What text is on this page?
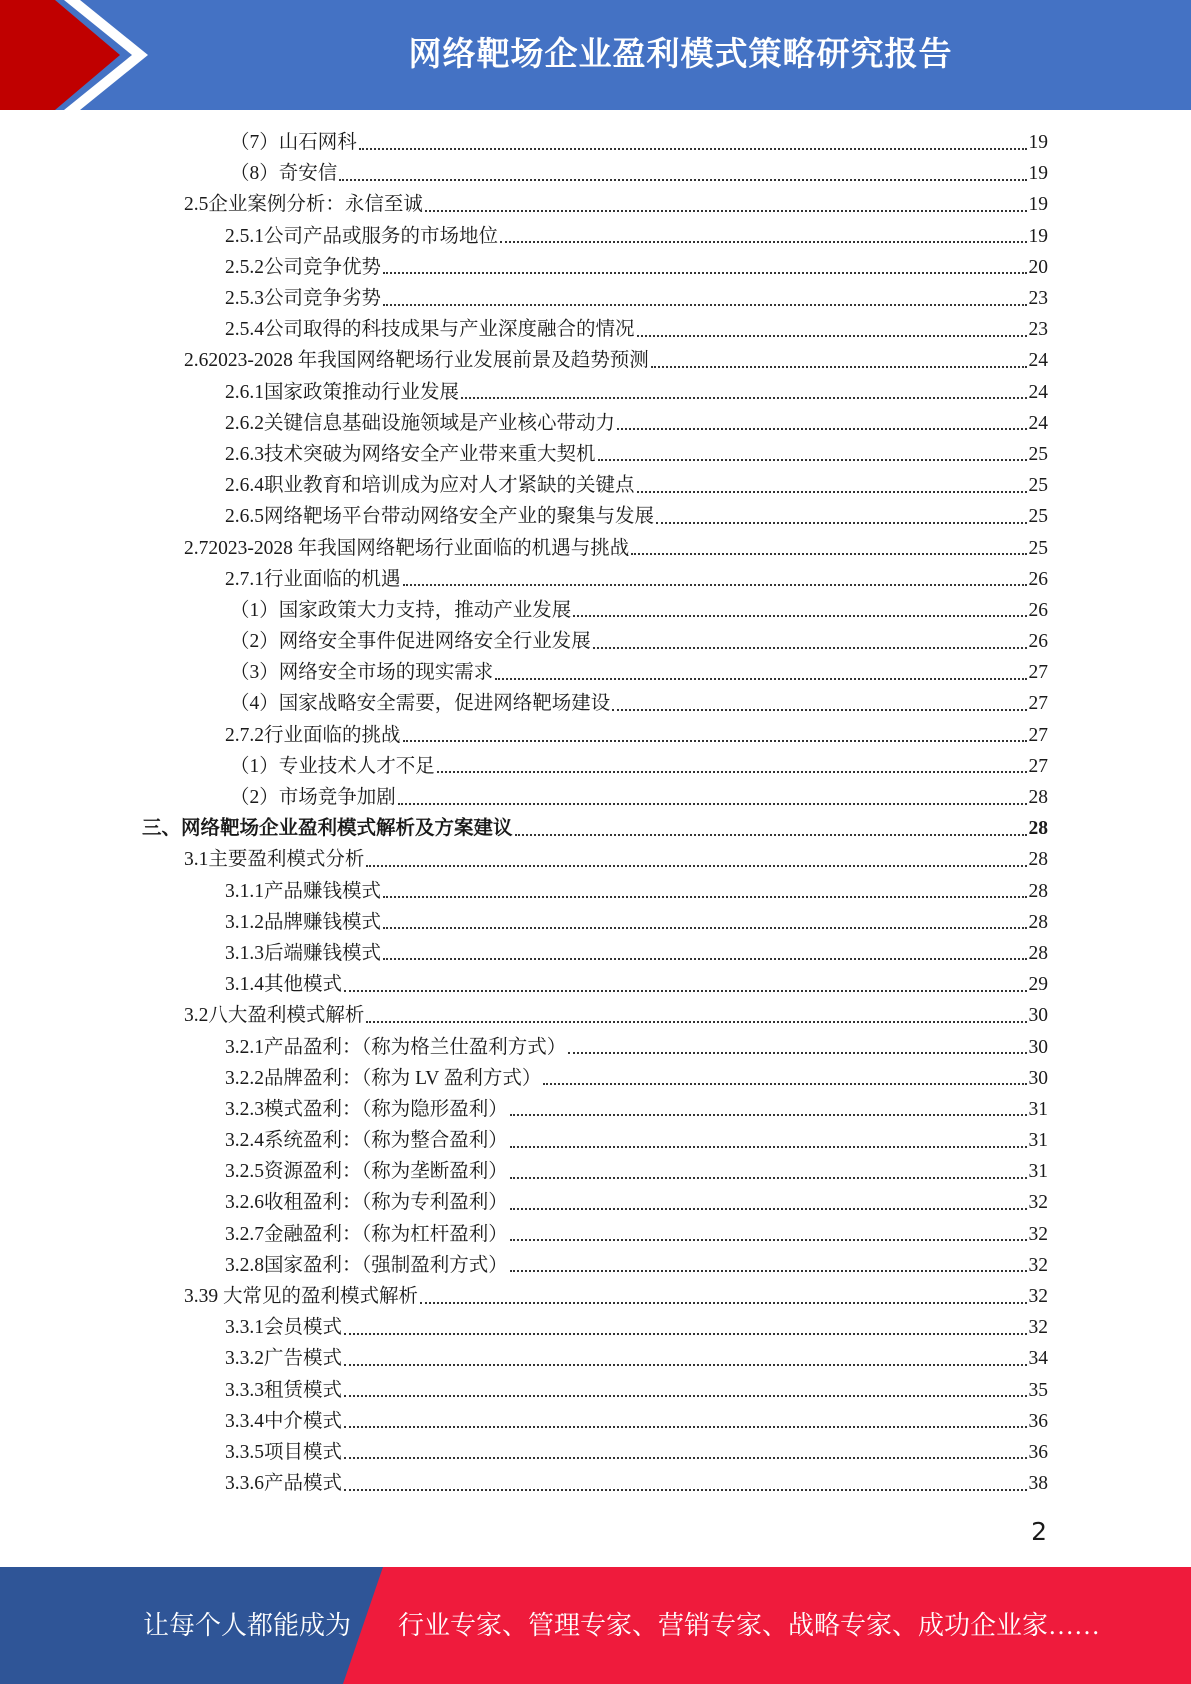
网络靶场企业盈利模式策略研究报告
（7） 山石网科	19
（8） 奇安信	19
2.5 企业案例分析：永信至诚	19
2.5.1 公司产品或服务的市场地位	19
2.5.2 公司竞争优势	20
2.5.3 公司竞争劣势	23
2.5.4 公司取得的科技成果与产业深度融合的情况	23
2.6 2023-2028 年我国网络靶场行业发展前景及趋势预测	24
2.6.1 国家政策推动行业发展	24
2.6.2 关键信息基础设施领域是产业核心带动力	24
2.6.3 技术突破为网络安全产业带来重大契机	25
2.6.4 职业教育和培训成为应对人才紧缺的关键点	25
2.6.5 网络靶场平台带动网络安全产业的聚集与发展	25
2.7 2023-2028 年我国网络靶场行业面临的机遇与挑战	25
2.7.1 行业面临的机遇	26
（1） 国家政策大力支持，推动产业发展	26
（2） 网络安全事件促进网络安全行业发展	26
（3） 网络安全市场的现实需求	27
（4） 国家战略安全需要，促进网络靶场建设	27
2.7.2 行业面临的挑战	27
（1） 专业技术人才不足	27
（2） 市场竞争加剧	28
三、 网络靶场企业盈利模式解析及方案建议	28
3.1 主要盈利模式分析	28
3.1.1 产品赚钱模式	28
3.1.2 品牌赚钱模式	28
3.1.3 后端赚钱模式	28
3.1.4 其他模式	29
3.2 八大盈利模式解析	30
3.2.1 产品盈利：（称为格兰仕盈利方式）	30
3.2.2 品牌盈利：（称为 LV 盈利方式）	30
3.2.3 模式盈利：（称为隐形盈利）	31
3.2.4 系统盈利：（称为整合盈利）	31
3.2.5 资源盈利：（称为垄断盈利）	31
3.2.6 收租盈利：（称为专利盈利）	32
3.2.7 金融盈利：（称为杠杆盈利）	32
3.2.8 国家盈利：（强制盈利方式）	32
3.3 9 大常见的盈利模式解析	32
3.3.1 会员模式	32
3.3.2 广告模式	34
3.3.3 租赁模式	35
3.3.4 中介模式	36
3.3.5 项目模式	36
3.3.6 产品模式	38
2
让每个人都能成为 行业专家、管理专家、营销专家、战略专家、成功企业家……
